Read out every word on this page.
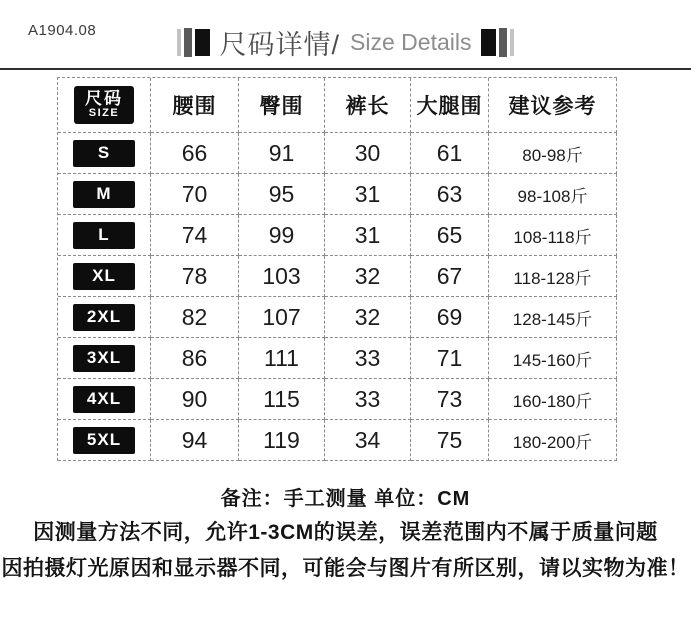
A1904.08	尺码详情/ Size Details
尺码
SIZE	腰围 臀围 裤长 大腿围 建议参考
S	66	91	30 61	80-98斤
M	70	95	31 63	98-108斤
L	74	99	31 65	108-118斤
XL	78 103 32 67	118-128斤
2XL	82 107 32 69	128-145斤
3XL	86 111 33 71	145-160斤
4XL	90 115 33 73	160-180斤
5XL	94 119 34 75	180-200斤
备注：手工测量 单位：CM
因测量方法不同，允许1-3CM的误差，误差范围内不属于质量问题
因拍摄灯光原因和显示器不同，可能会与图片有所区别，请以实物为准！
